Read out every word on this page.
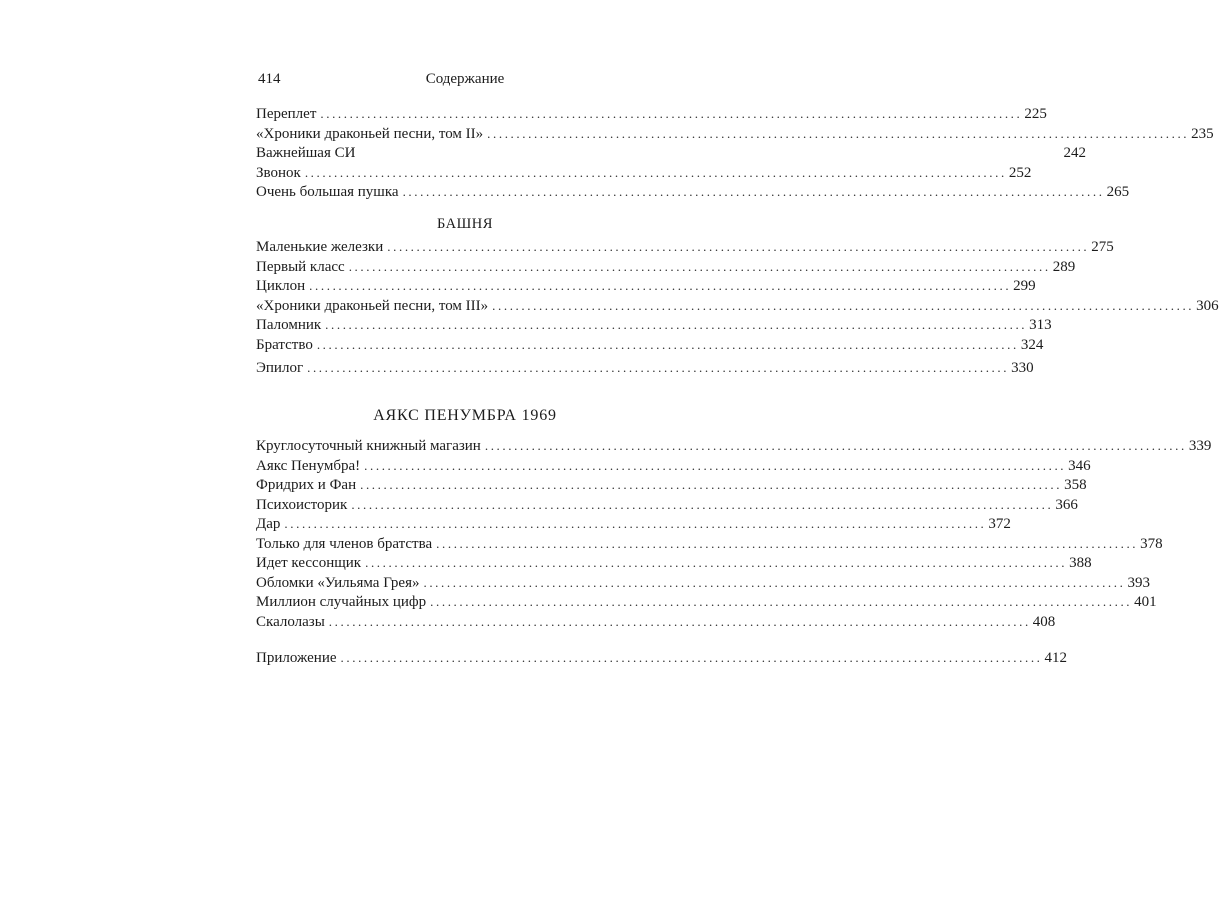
414	Содержание
Переплет ........................................................................................................................ 225
«Хроники драконьей песни, том II» ........................................................................................................................ 235
Важнейшая СИ	242
Звонок ........................................................................................................................ 252
Очень большая пушка ........................................................................................................................ 265
БАШНЯ
Маленькие железки ........................................................................................................................ 275
Первый класс ........................................................................................................................ 289
Циклон ........................................................................................................................ 299
«Хроники драконьей песни, том III» ........................................................................................................................ 306
Паломник ........................................................................................................................ 313
Братство ........................................................................................................................ 324
Эпилог ........................................................................................................................ 330
АЯКС ПЕНУМБРА 1969
Круглосуточный книжный магазин ........................................................................................................................ 339
Аякс Пенумбра! ........................................................................................................................ 346
Фридрих и Фан ........................................................................................................................ 358
Психоисторик ........................................................................................................................ 366
Дар ........................................................................................................................ 372
Только для членов братства ........................................................................................................................ 378
Идет кессонщик ........................................................................................................................ 388
Обломки «Уильяма Грея» ........................................................................................................................ 393
Миллион случайных цифр ........................................................................................................................ 401
Скалолазы ........................................................................................................................ 408
Приложение ........................................................................................................................ 412
